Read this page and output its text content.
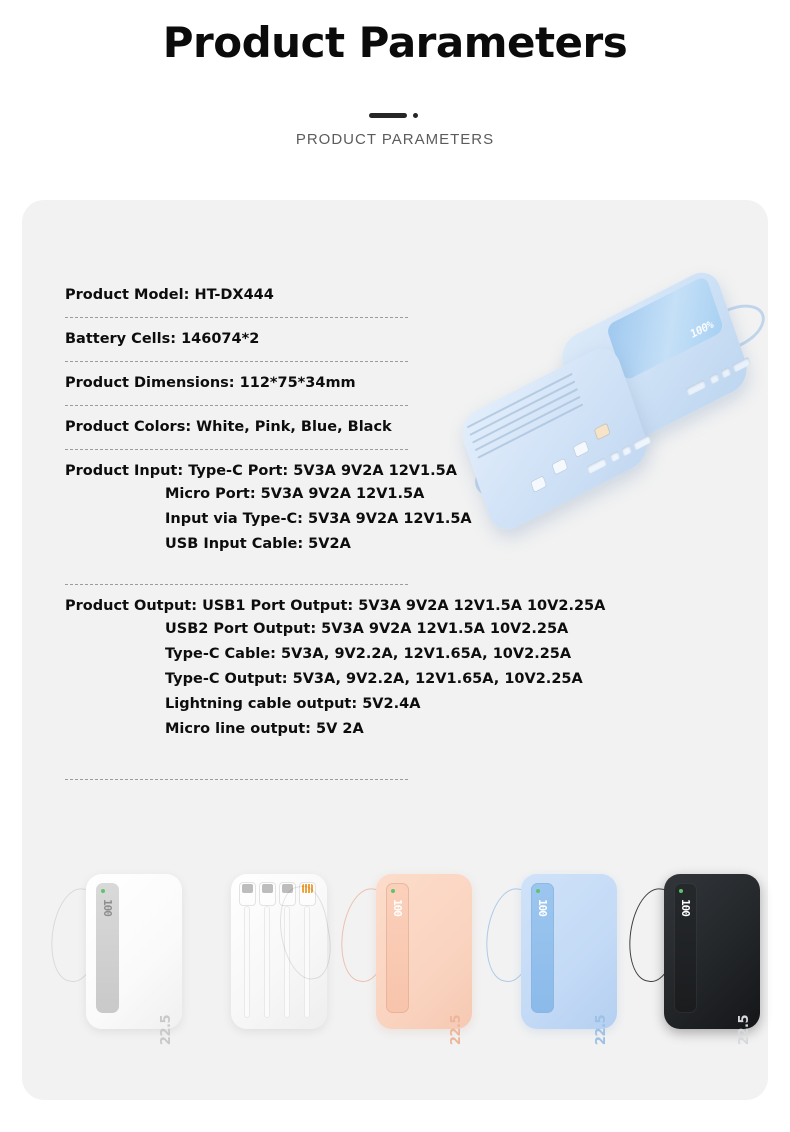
Product Parameters
PRODUCT PARAMETERS
Product Model: HT-DX444
Battery Cells: 146074*2
Product Dimensions: 112*75*34mm
Product Colors: White, Pink, Blue, Black
Product Input: Type-C Port: 5V3A 9V2A 12V1.5A
Micro Port: 5V3A 9V2A 12V1.5A
Input via Type-C: 5V3A 9V2A 12V1.5A
USB Input Cable: 5V2A
Product Output: USB1 Port Output: 5V3A 9V2A 12V1.5A 10V2.25A
USB2 Port Output: 5V3A 9V2A 12V1.5A 10V2.25A
Type-C Cable: 5V3A, 9V2.2A, 12V1.65A, 10V2.25A
Type-C Output: 5V3A, 9V2.2A, 12V1.65A, 10V2.25A
Lightning cable output: 5V2.4A
Micro line output: 5V 2A
100%
100
22.5
100
22.5
100
22.5
100
22.5
